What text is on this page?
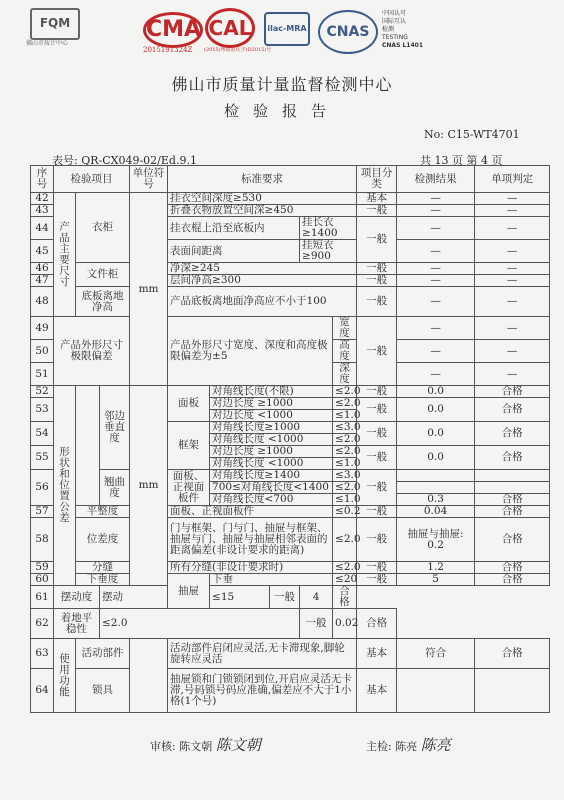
FQM
佛山市质计中心
CMA
2015191324Z
CAL
(2015)粤质监认字(D2015)号
ilac-MRA	CNAS
中国认可
国际互认
检测
TESTING
CNAS L1401
佛山市质量计量监督检测中心
检验报告
No: C15-WT4701
表号: QR-CX049-02/Ed.9.1	共 13 页 第 4 页
序号	检验项目			单位符号	标准要求					项目分类	检测结果	单项判定
42	产品主要尺寸	衣柜		mm	挂衣空间深度≥530					基本	—	—
43					折叠衣物放置空间深≥450					一般	—	—
44					挂衣棍上沿至底板内			挂长衣≥1400		一般	—	—
45					表面间距离			挂短衣≥900			—	—
46		文件柜			净深≥245					一般	—	—
47					层间净高≥300					一般	—	—
48		底板离地净高			产品底板离地面净高应不小于100					一般	—	—
49	产品外形尺寸极限偏差				产品外形尺寸宽度、深度和高度极限偏差为±5				宽度	一般	—	—
50									高度		—	—
51									深度		—	—
52	形状和位置公差		邻边垂直度	mm	面板	对角线长度(不限)			≤2.0	一般	0.0	合格
53						对边长度 ≥1000			≤2.0	一般	0.0	合格
						对边长度 <1000			≤1.0			
54					框架	对角线长度≥1000			≤3.0	一般	0.0	合格
						对角线长度 <1000			≤2.0			
55						对边长度 ≥1000			≤2.0	一般	0.0	合格
						对角线长度 <1000			≤1.0			
56			翘曲度		面板、正视面板件	对角线长度≥1400			≤3.0	一般		
						700≤对角线长度<1400			≤2.0			
						对角线长度<700			≤1.0		0.3	合格
57		平整度			面板、正视面板件				≤0.2	一般	0.04	合格
58		位差度			门与框架、门与门、抽屉与框架、抽屉与门、抽屉与抽屉相邻表面的距离偏差(非设计要求的距离)				≤2.0	一般	抽屉与抽屉: 0.2	合格
59		分缝			所有分缝(非设计要求时)				≤2.0	一般	1.2	合格
60		下垂度			抽屉	下垂			≤20	一般	5	合格
61	摆动度		摆动			≤15	一般	4	合格			
62	着地平稳性		≤2.0					一般	0.02	合格		
63	使用功能	活动部件			活动部件启闭应灵活,无卡滞现象,脚轮旋转应灵活					基本	符合	合格
64		锁具			抽屉锁和门锁锁闭到位,开启应灵活无卡滞,号码锁号码应准确,偏差应不大于1小格(1个号)					基本		
审核: 陈文朝 陈文朝	主检: 陈亮 陈亮
